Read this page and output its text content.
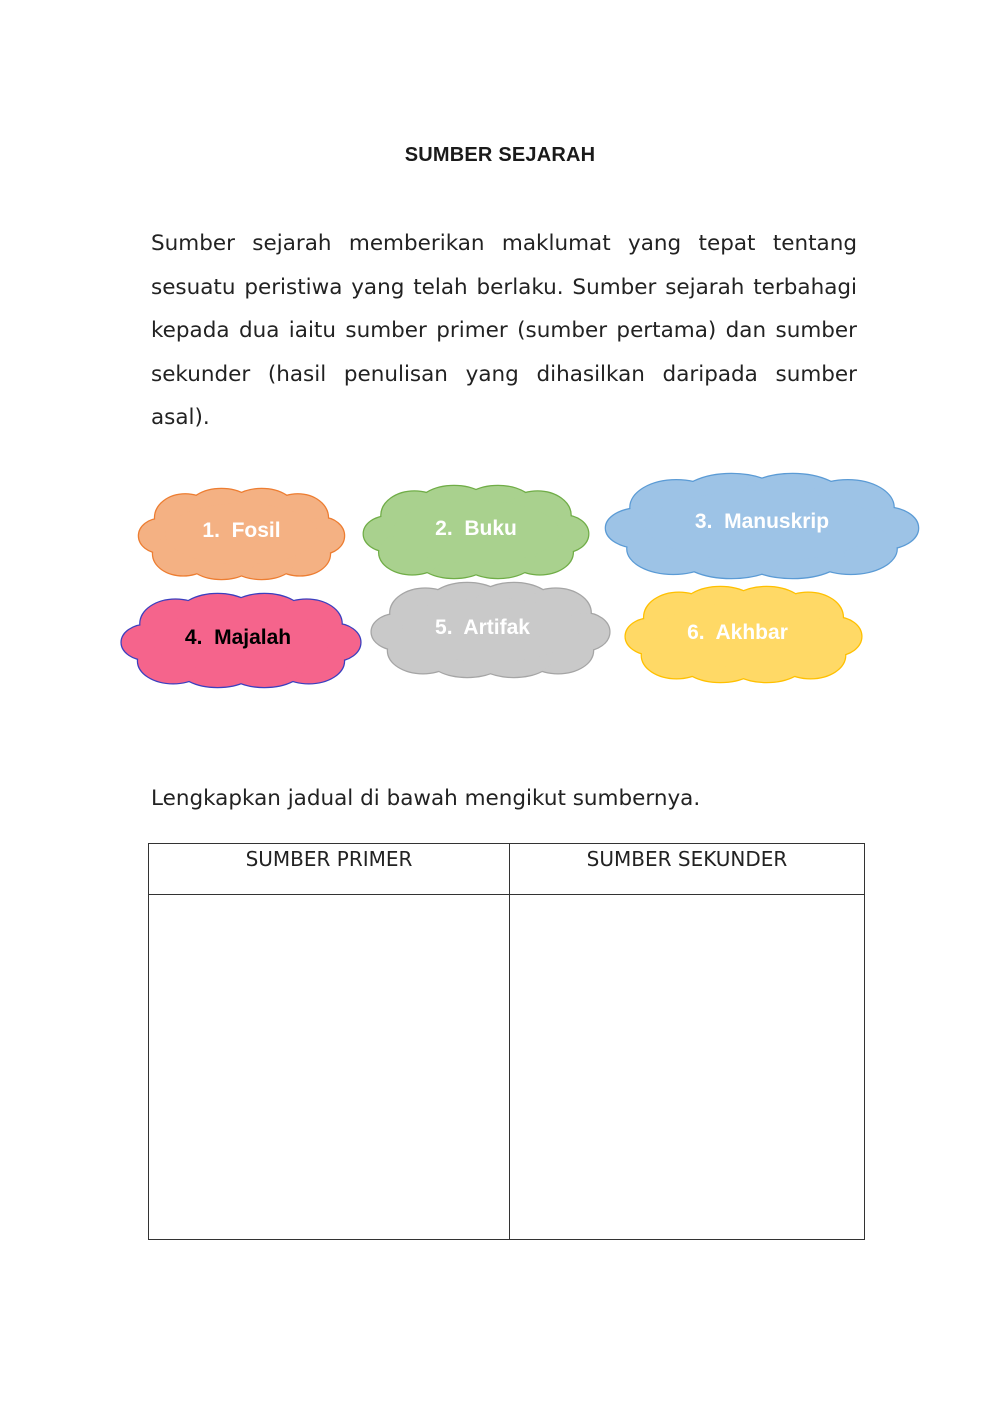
SUMBER SEJARAH
Sumber sejarah memberikan maklumat yang tepat tentang sesuatu peristiwa yang telah berlaku. Sumber sejarah terbahagi kepada dua iaitu sumber primer (sumber pertama) dan sumber sekunder (hasil penulisan yang dihasilkan daripada sumber asal).
1.  Fosil	2.  Buku	3.  Manuskrip
4.  Majalah	5.  Artifak	6.  Akhbar
Lengkapkan jadual di bawah mengikut sumbernya.
SUMBER PRIMER	SUMBER SEKUNDER
